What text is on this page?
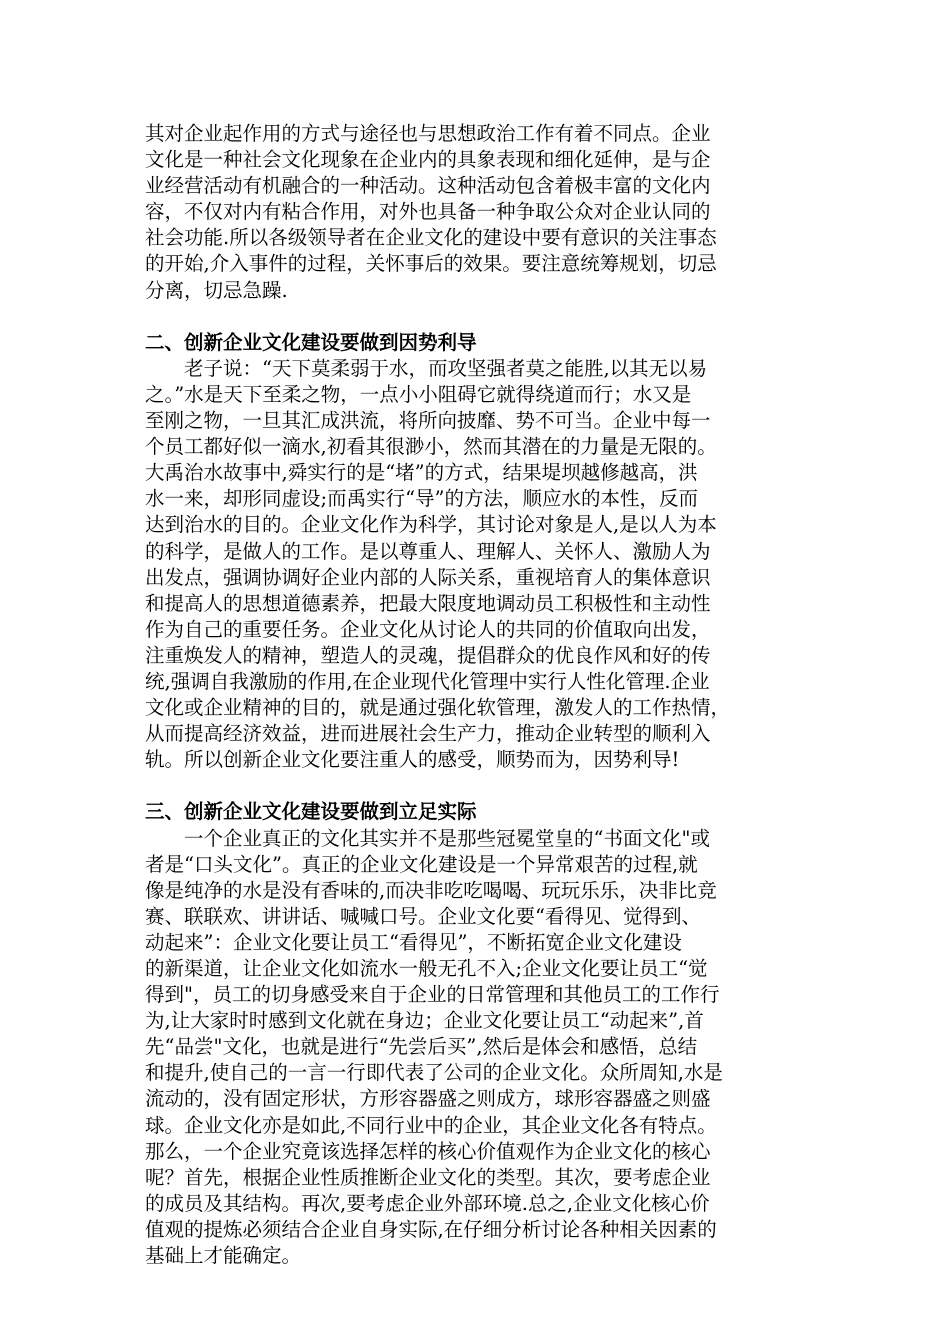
其对企业起作用的方式与途径也与思想政治工作有着不同点。企业
文化是一种社会文化现象在企业内的具象表现和细化延伸，是与企
业经营活动有机融合的一种活动。这种活动包含着极丰富的文化内
容，不仅对内有粘合作用，对外也具备一种争取公众对企业认同的
社会功能.所以各级领导者在企业文化的建设中要有意识的关注事态
的开始,介入事件的过程，关怀事后的效果。要注意统筹规划，切忌
分离，切忌急躁.
二、创新企业文化建设要做到因势利导
老子说：“天下莫柔弱于水，而攻坚强者莫之能胜,以其无以易
之。”水是天下至柔之物，一点小小阻碍它就得绕道而行；水又是
至刚之物，一旦其汇成洪流，将所向披靡、势不可当。企业中每一
个员工都好似一滴水,初看其很渺小，然而其潜在的力量是无限的。
大禹治水故事中,舜实行的是“堵”的方式，结果堤坝越修越高，洪
水一来，却形同虚设;而禹实行“导”的方法，顺应水的本性，反而
达到治水的目的。企业文化作为科学，其讨论对象是人,是以人为本
的科学，是做人的工作。是以尊重人、理解人、关怀人、激励人为
出发点，强调协调好企业内部的人际关系，重视培育人的集体意识
和提高人的思想道德素养，把最大限度地调动员工积极性和主动性
作为自己的重要任务。企业文化从讨论人的共同的价值取向出发，
注重焕发人的精神，塑造人的灵魂，提倡群众的优良作风和好的传
统,强调自我激励的作用,在企业现代化管理中实行人性化管理.企业
文化或企业精神的目的，就是通过强化软管理，激发人的工作热情，
从而提高经济效益，进而进展社会生产力，推动企业转型的顺利入
轨。所以创新企业文化要注重人的感受，顺势而为，因势利导!
三、创新企业文化建设要做到立足实际
一个企业真正的文化其实并不是那些冠冕堂皇的“书面文化"或
者是“口头文化”。真正的企业文化建设是一个异常艰苦的过程,就
像是纯净的水是没有香味的,而决非吃吃喝喝、玩玩乐乐，决非比竞
赛、联联欢、讲讲话、喊喊口号。企业文化要“看得见、觉得到、
动起来”：企业文化要让员工“看得见”，不断拓宽企业文化建设
的新渠道，让企业文化如流水一般无孔不入;企业文化要让员工“觉
得到"，员工的切身感受来自于企业的日常管理和其他员工的工作行
为,让大家时时感到文化就在身边；企业文化要让员工“动起来”,首
先“品尝"文化，也就是进行“先尝后买”,然后是体会和感悟，总结
和提升,使自己的一言一行即代表了公司的企业文化。众所周知,水是
流动的，没有固定形状，方形容器盛之则成方，球形容器盛之则盛
球。企业文化亦是如此,不同行业中的企业，其企业文化各有特点。
那么，一个企业究竟该选择怎样的核心价值观作为企业文化的核心
呢？首先，根据企业性质推断企业文化的类型。其次，要考虑企业
的成员及其结构。再次,要考虑企业外部环境.总之,企业文化核心价
值观的提炼必须结合企业自身实际,在仔细分析讨论各种相关因素的
基础上才能确定。
